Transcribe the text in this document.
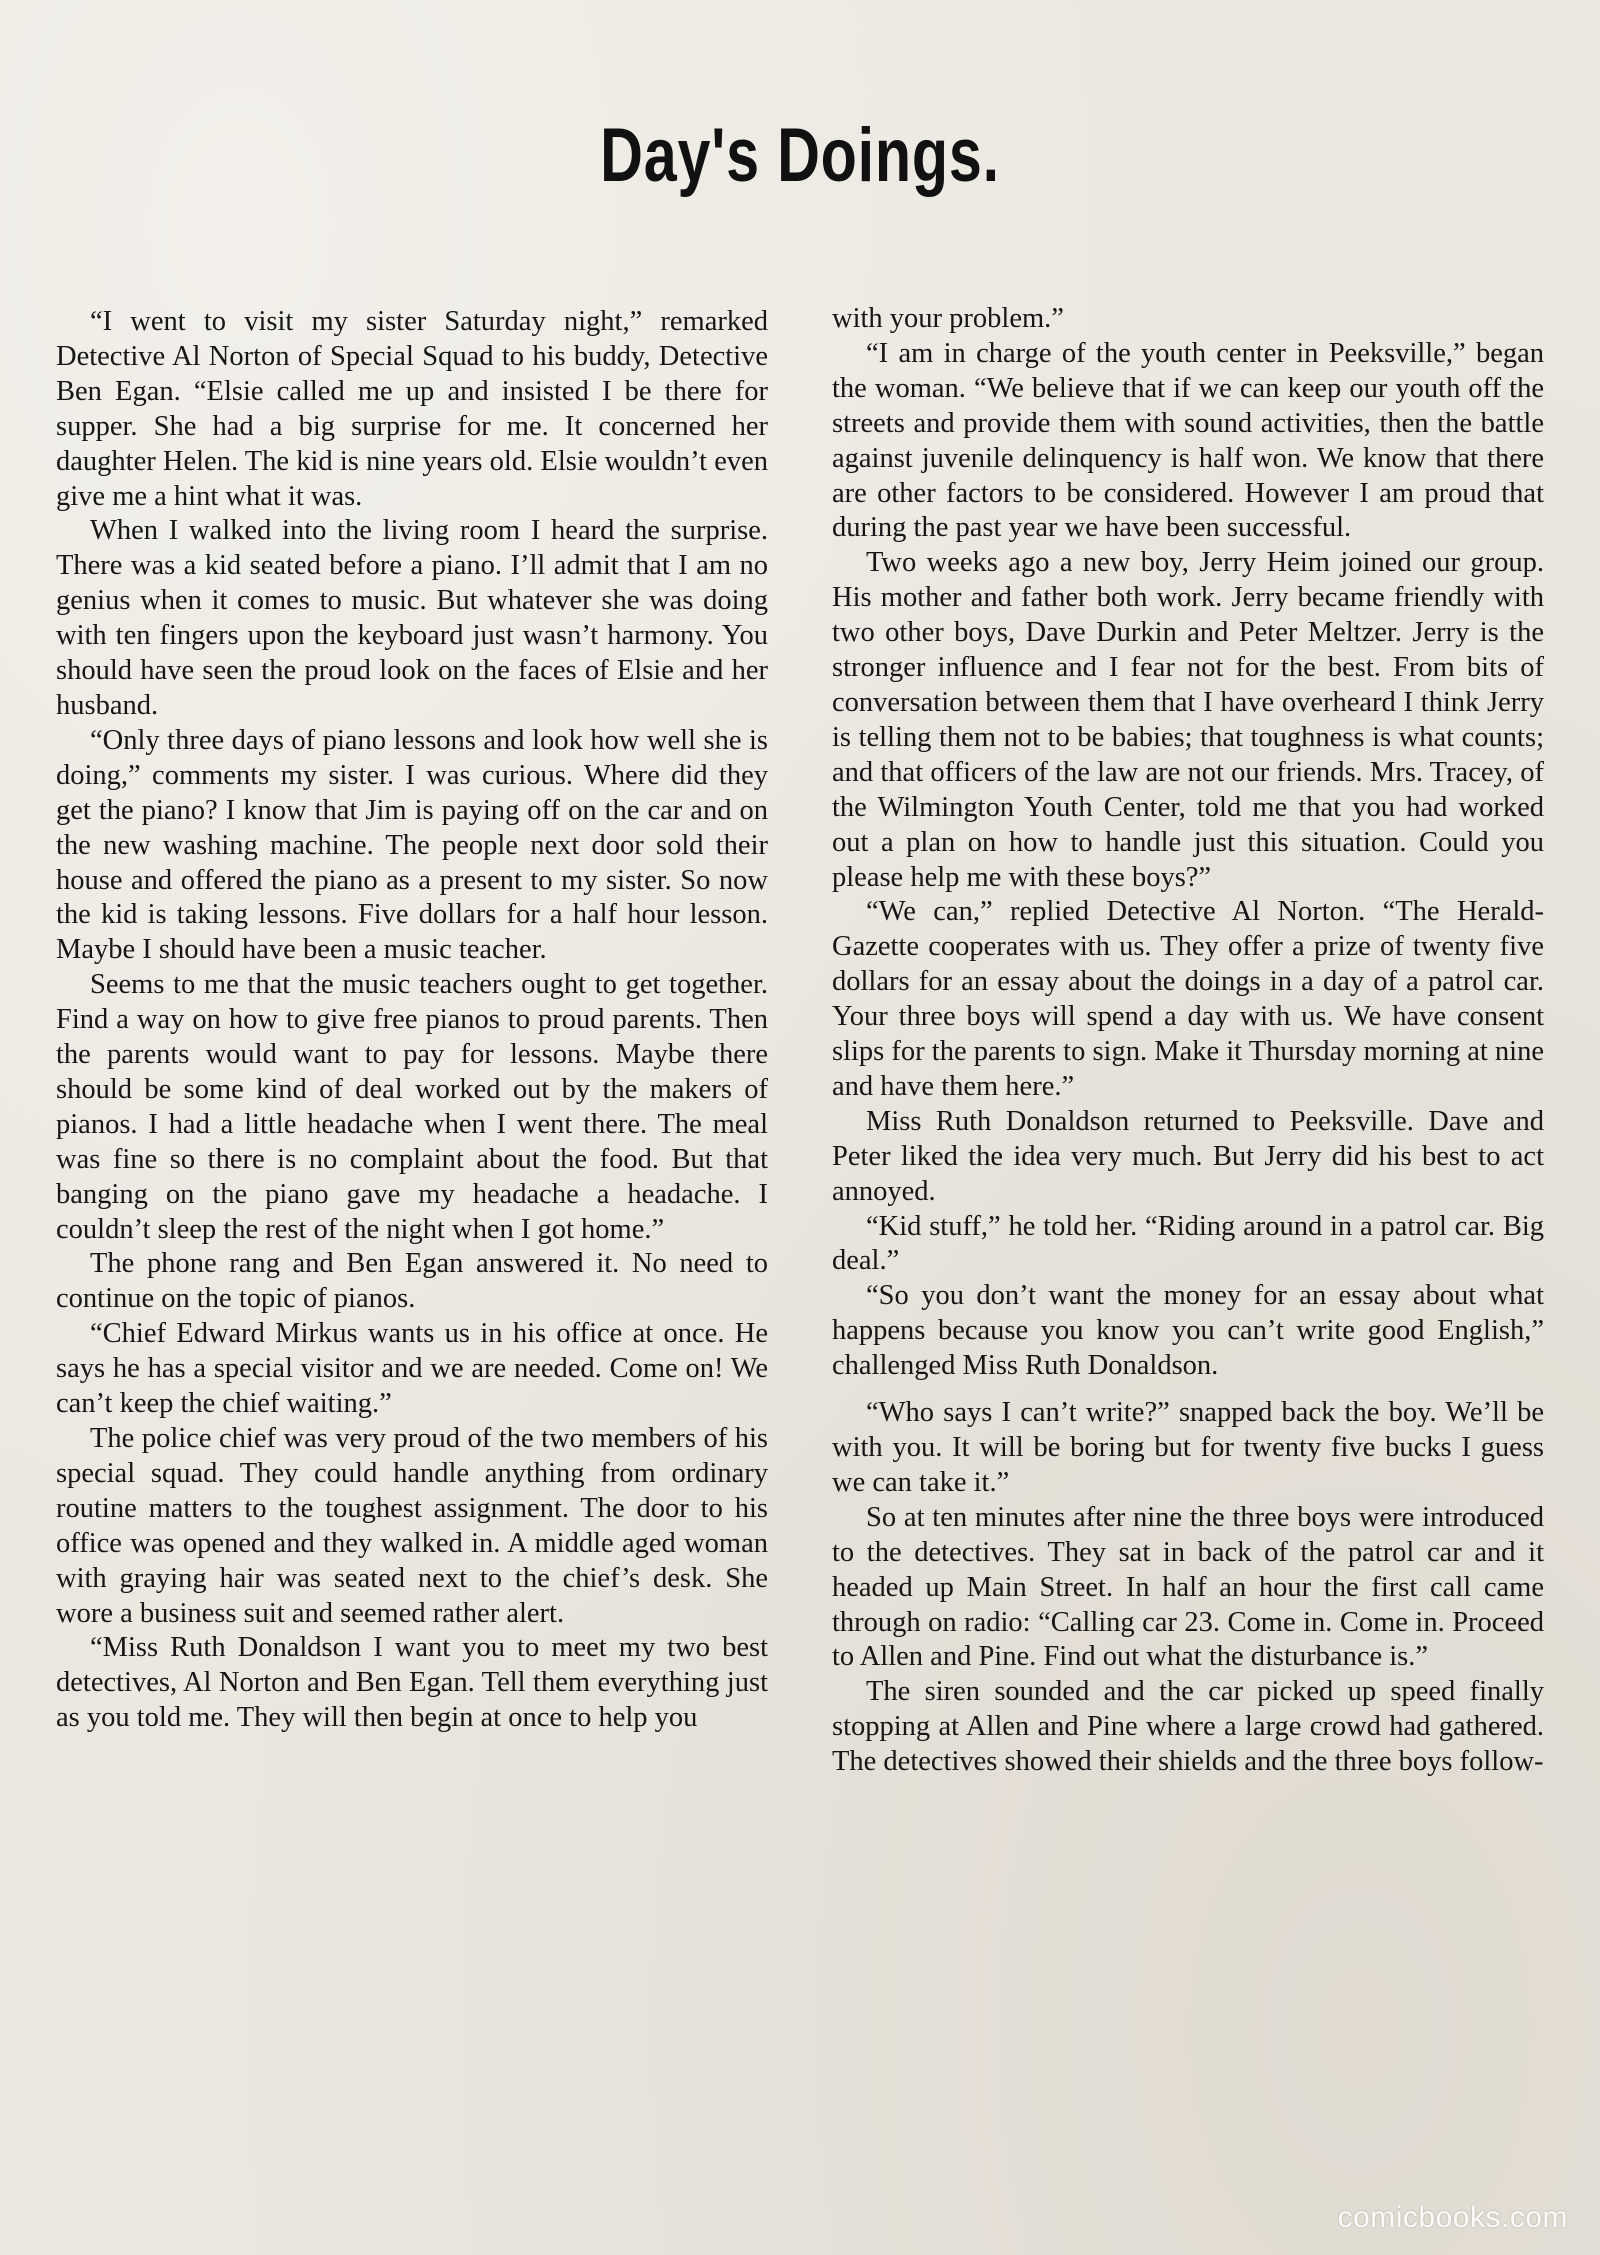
Day's Doings.

“I went to visit my sister Saturday night,” remarked Detective Al Norton of Special Squad to his buddy, Detective Ben Egan. “Elsie called me up and insisted I be there for supper. She had a big surprise for me. It concerned her daughter Helen. The kid is nine years old. Elsie wouldn’t even give me a hint what it was.

When I walked into the living room I heard the surprise. There was a kid seated before a piano. I’ll admit that I am no genius when it comes to music. But whatever she was doing with ten fingers upon the keyboard just wasn’t harmony. You should have seen the proud look on the faces of Elsie and her husband.

“Only three days of piano lessons and look how well she is doing,” comments my sister. I was curious. Where did they get the piano? I know that Jim is paying off on the car and on the new washing machine. The people next door sold their house and offered the piano as a present to my sister. So now the kid is taking lessons. Five dollars for a half hour lesson. Maybe I should have been a music teacher.

Seems to me that the music teachers ought to get together. Find a way on how to give free pianos to proud parents. Then the parents would want to pay for lessons. Maybe there should be some kind of deal worked out by the makers of pianos. I had a little headache when I went there. The meal was fine so there is no complaint about the food. But that banging on the piano gave my headache a headache. I couldn’t sleep the rest of the night when I got home.”

The phone rang and Ben Egan answered it. No need to continue on the topic of pianos.

“Chief Edward Mirkus wants us in his office at once. He says he has a special visitor and we are needed. Come on! We can’t keep the chief waiting.”

The police chief was very proud of the two members of his special squad. They could handle anything from ordinary routine matters to the toughest assignment. The door to his office was opened and they walked in. A middle aged woman with graying hair was seated next to the chief’s desk. She wore a business suit and seemed rather alert.

“Miss Ruth Donaldson I want you to meet my two best detectives, Al Norton and Ben Egan. Tell them everything just as you told me. They will then begin at once to help you

with your problem.”

“I am in charge of the youth center in Peeksville,” began the woman. “We believe that if we can keep our youth off the streets and provide them with sound activities, then the battle against juvenile delinquency is half won. We know that there are other factors to be considered. However I am proud that during the past year we have been successful.

Two weeks ago a new boy, Jerry Heim joined our group. His mother and father both work. Jerry became friendly with two other boys, Dave Durkin and Peter Meltzer. Jerry is the stronger influence and I fear not for the best. From bits of conversation between them that I have overheard I think Jerry is telling them not to be babies; that toughness is what counts; and that officers of the law are not our friends. Mrs. Tracey, of the Wilmington Youth Center, told me that you had worked out a plan on how to handle just this situation. Could you please help me with these boys?”

“We can,” replied Detective Al Norton. “The Herald-Gazette cooperates with us. They offer a prize of twenty five dollars for an essay about the doings in a day of a patrol car. Your three boys will spend a day with us. We have consent slips for the parents to sign. Make it Thursday morning at nine and have them here.”

Miss Ruth Donaldson returned to Peeksville. Dave and Peter liked the idea very much. But Jerry did his best to act annoyed.

“Kid stuff,” he told her. “Riding around in a patrol car. Big deal.”

“So you don’t want the money for an essay about what happens because you know you can’t write good English,” challenged Miss Ruth Donaldson.

“Who says I can’t write?” snapped back the boy. We’ll be with you. It will be boring but for twenty five bucks I guess we can take it.”

So at ten minutes after nine the three boys were introduced to the detectives. They sat in back of the patrol car and it headed up Main Street. In half an hour the first call came through on radio: “Calling car 23. Come in. Come in. Proceed to Allen and Pine. Find out what the disturbance is.”

The siren sounded and the car picked up speed finally stopping at Allen and Pine where a large crowd had gathered. The detectives showed their shields and the three boys follow-

comicbooks.com
